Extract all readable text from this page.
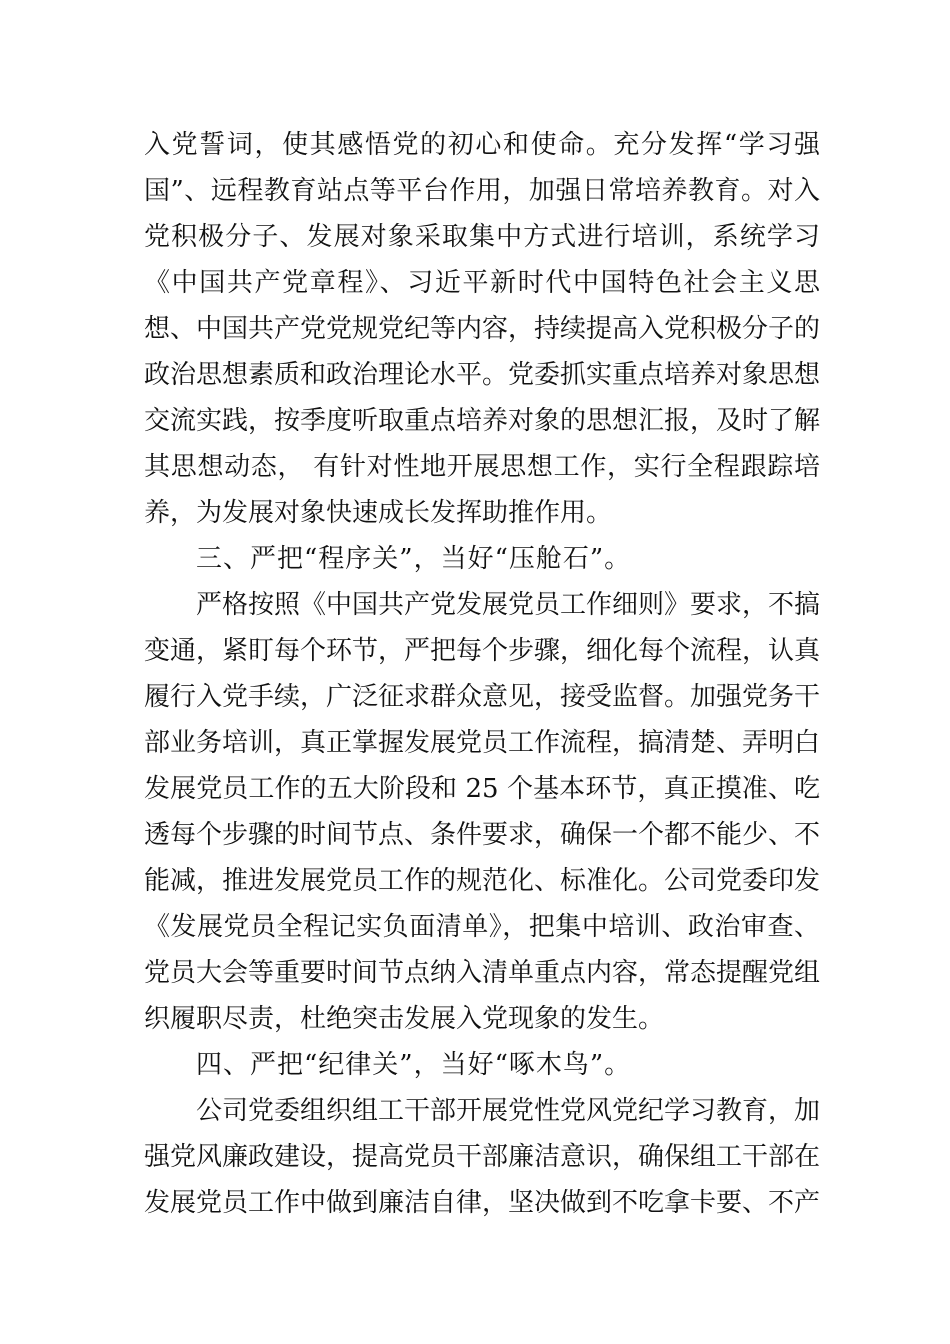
入党誓词，使其感悟党的初心和使命。充分发挥“学习强国”、远程教育站点等平台作用，加强日常培养教育。对入党积极分子、发展对象采取集中方式进行培训，系统学习《中国共产党章程》、习近平新时代中国特色社会主义思想、中国共产党党规党纪等内容，持续提高入党积极分子的政治思想素质和政治理论水平。党委抓实重点培养对象思想交流实践，按季度听取重点培养对象的思想汇报，及时了解其思想动态， 有针对性地开展思想工作，实行全程跟踪培养，为发展对象快速成长发挥助推作用。

三、严把“程序关”，当好“压舱石”。

严格按照《中国共产党发展党员工作细则》要求，不搞变通，紧盯每个环节，严把每个步骤，细化每个流程，认真履行入党手续，广泛征求群众意见，接受监督。加强党务干部业务培训，真正掌握发展党员工作流程，搞清楚、弄明白发展党员工作的五大阶段和 25 个基本环节，真正摸准、吃透每个步骤的时间节点、条件要求，确保一个都不能少、不能减，推进发展党员工作的规范化、标准化。公司党委印发《发展党员全程记实负面清单》，把集中培训、政治审查、党员大会等重要时间节点纳入清单重点内容，常态提醒党组织履职尽责，杜绝突击发展入党现象的发生。

四、严把“纪律关”，当好“啄木鸟”。

公司党委组织组工干部开展党性党风党纪学习教育，加强党风廉政建设，提高党员干部廉洁意识，确保组工干部在发展党员工作中做到廉洁自律，坚决做到不吃拿卡要、不产
